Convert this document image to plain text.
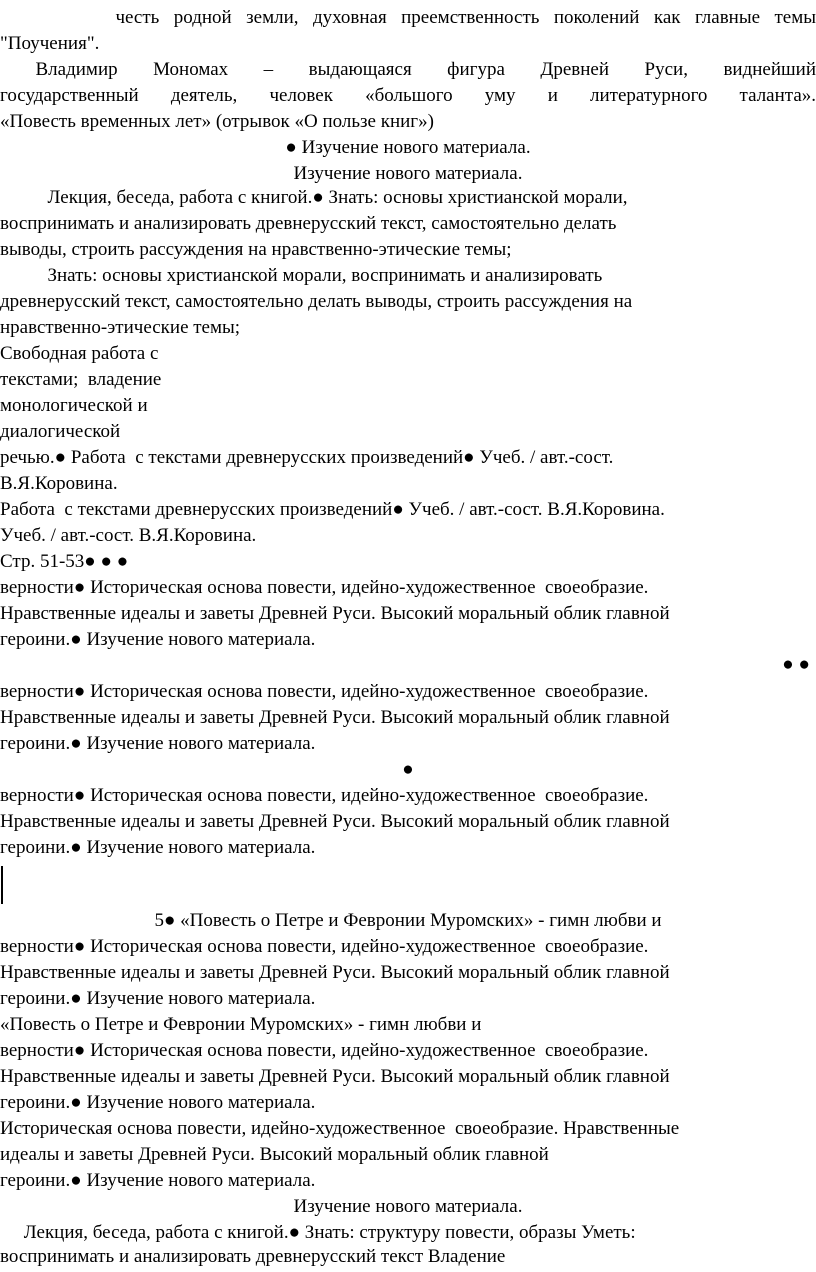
честь родной земли, духовная преемственность поколений как главные темы
"Поучения".
Владимир Мономах – выдающаяся фигура Древней Руси, виднейший
государственный деятель, человек «большого уму и литературного таланта».
«Повесть временных лет» (отрывок «О пользе книг»)
● Изучение нового материала.
Изучение нового материала.
Лекция, беседа, работа с книгой.● Знать: основы христианской морали,
воспринимать и анализировать древнерусский текст, самостоятельно делать
выводы, строить рассуждения на нравственно-этические темы;
Знать: основы христианской морали, воспринимать и анализировать
древнерусский текст, самостоятельно делать выводы, строить рассуждения на
нравственно-этические темы;
Свободная работа с
текстами;  владение
монологической и
диалогической
речью.● Работа  с текстами древнерусских произведений● Учеб. / авт.-сост.
В.Я.Коровина.
Работа  с текстами древнерусских произведений● Учеб. / авт.-сост. В.Я.Коровина.
Учеб. / авт.-сост. В.Я.Коровина.
Стр. 51-53● ● ●
верности● Историческая основа повести, идейно-художественное  своеобразие.
Нравственные идеалы и заветы Древней Руси. Высокий моральный облик главной
героини.● Изучение нового материала.
● ●
верности● Историческая основа повести, идейно-художественное  своеобразие.
Нравственные идеалы и заветы Древней Руси. Высокий моральный облик главной
героини.● Изучение нового материала.
●
верности● Историческая основа повести, идейно-художественное  своеобразие.
Нравственные идеалы и заветы Древней Руси. Высокий моральный облик главной
героини.● Изучение нового материала.
5● «Повесть о Петре и Февронии Муромских» - гимн любви и
верности● Историческая основа повести, идейно-художественное  своеобразие.
Нравственные идеалы и заветы Древней Руси. Высокий моральный облик главной
героини.● Изучение нового материала.
«Повесть о Петре и Февронии Муромских» - гимн любви и
верности● Историческая основа повести, идейно-художественное  своеобразие.
Нравственные идеалы и заветы Древней Руси. Высокий моральный облик главной
героини.● Изучение нового материала.
Историческая основа повести, идейно-художественное  своеобразие. Нравственные
идеалы и заветы Древней Руси. Высокий моральный облик главной
героини.● Изучение нового материала.
Изучение нового материала.
Лекция, беседа, работа с книгой.● Знать: структуру повести, образы Уметь:
воспринимать и анализировать древнерусский текст Владение
